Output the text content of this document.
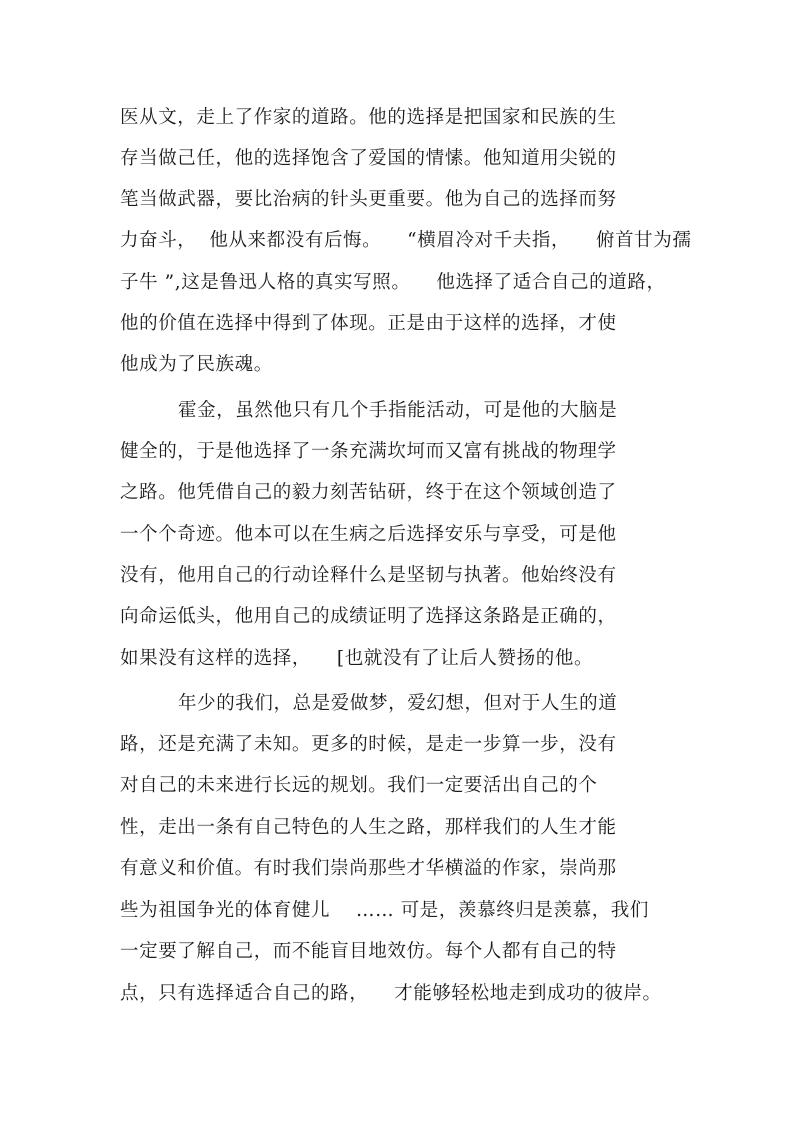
医从文，走上了作家的道路。他的选择是把国家和民族的生
存当做己任，他的选择饱含了爱国的情愫。他知道用尖锐的
笔当做武器，要比治病的针头更重要。他为自己的选择而努
力奋斗，  他从来都没有后悔。    “横眉冷对千夫指，    俯首甘为孺
子牛 ”,这是鲁迅人格的真实写照。    他选择了适合自己的道路，
他的价值在选择中得到了体现。正是由于这样的选择，才使
他成为了民族魂。
霍金，虽然他只有几个手指能活动，可是他的大脑是
健全的，于是他选择了一条充满坎坷而又富有挑战的物理学
之路。他凭借自己的毅力刻苦钻研，终于在这个领域创造了
一个个奇迹。他本可以在生病之后选择安乐与享受，可是他
没有，他用自己的行动诠释什么是坚韧与执著。他始终没有
向命运低头，他用自己的成绩证明了选择这条路是正确的，
如果没有这样的选择，    [也就没有了让后人赞扬的他。
年少的我们，总是爱做梦，爱幻想，但对于人生的道
路，还是充满了未知。更多的时候，是走一步算一步，没有
对自己的未来进行长远的规划。我们一定要活出自己的个
性，走出一条有自己特色的人生之路，那样我们的人生才能
有意义和价值。有时我们崇尚那些才华横溢的作家，崇尚那
些为祖国争光的体育健儿    …… 可是，羡慕终归是羡慕，我们
一定要了解自己，而不能盲目地效仿。每个人都有自己的特
点，只有选择适合自己的路，    才能够轻松地走到成功的彼岸。
